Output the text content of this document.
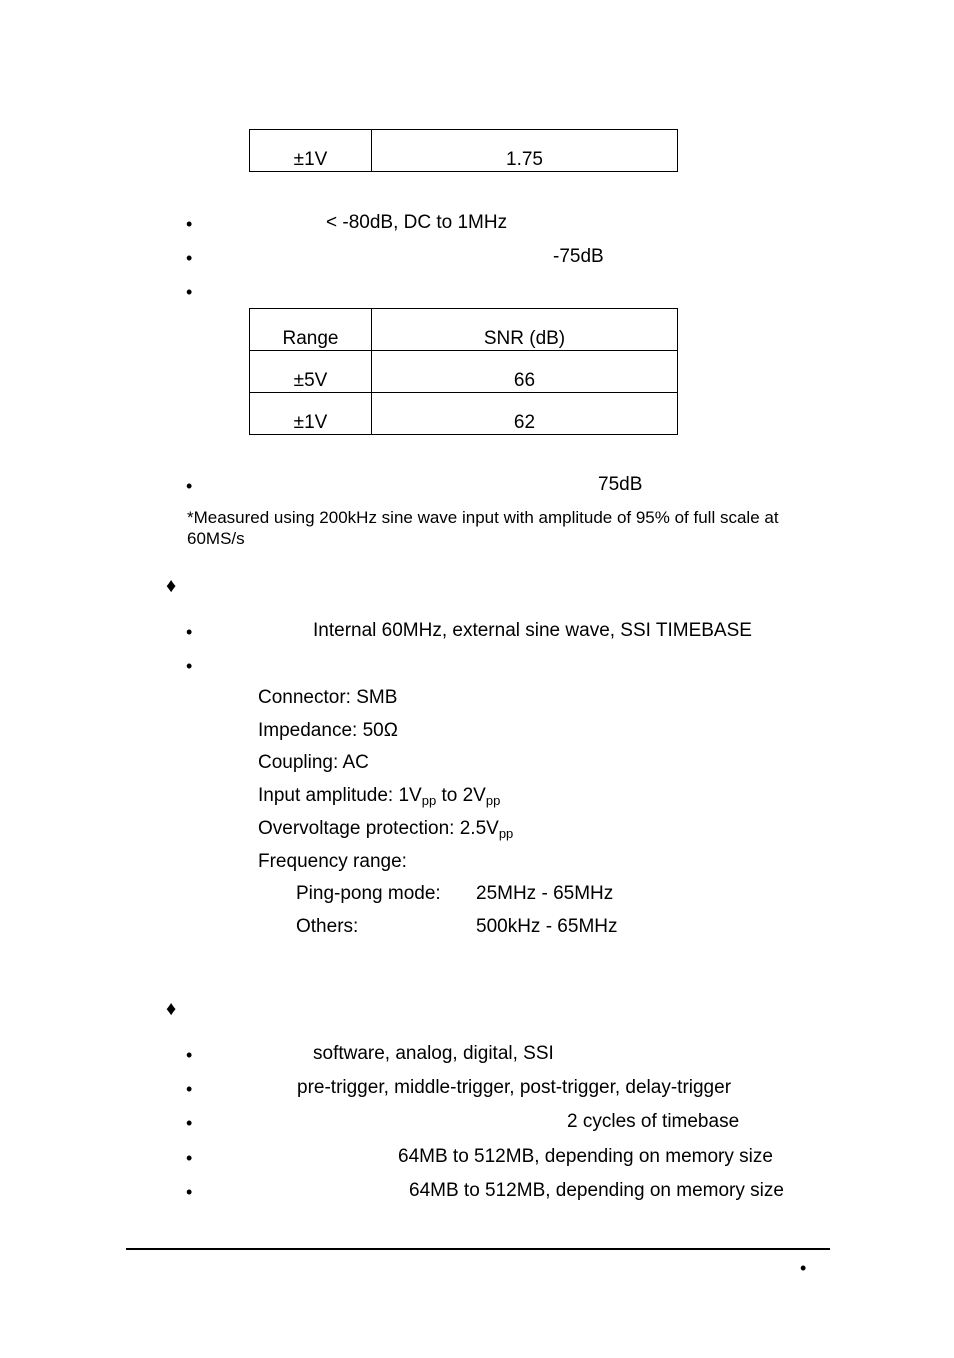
±1V	1.75
•	< -80dB, DC to 1MHz
•	-75dB
•
Range	SNR (dB)
±5V	66
±1V	62
•	75dB
*Measured using 200kHz sine wave input with amplitude of 95% of full scale at 60MS/s
♦
•	Internal 60MHz, external sine wave, SSI TIMEBASE
•
Connector: SMB
Impedance: 50Ω
Coupling: AC
Input amplitude: $1V_{pp}$ to $2V_{pp}$
Overvoltage protection: $2.5V_{pp}$
Frequency range:
Ping-pong mode: 25MHz - 65MHz
Others:	500kHz - 65MHz
♦
•	software, analog, digital, SSI
•	pre-trigger, middle-trigger, post-trigger, delay-trigger
•	2 cycles of timebase
•	64MB to 512MB, depending on memory size
•	64MB to 512MB, depending on memory size
•
